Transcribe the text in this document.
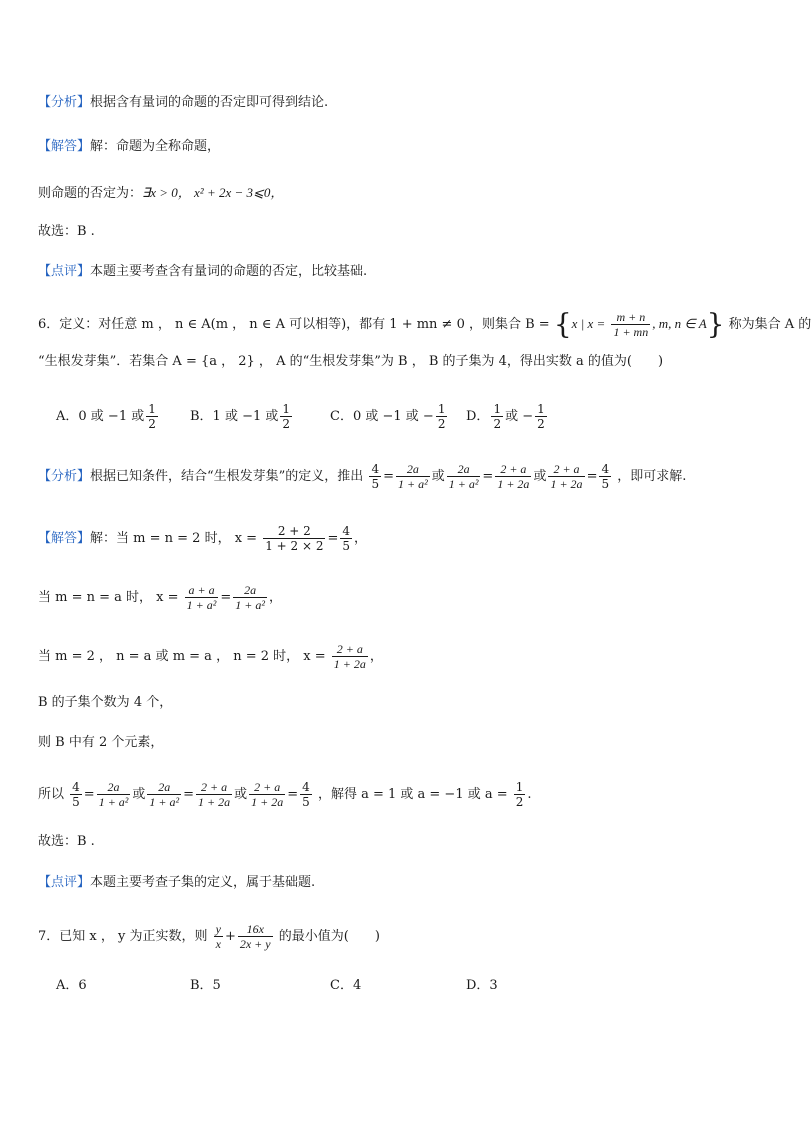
【分析】根据含有量词的命题的否定即可得到结论.
【解答】解：命题为全称命题，
则命题的否定为：∃x > 0， x² + 2x − 3⩽0，
故选：B .
【点评】本题主要考查含有量词的命题的否定，比较基础.
6．定义：对任意 m ， n ∈ A(m ， n ∈ A 可以相等)，都有 1 + mn ≠ 0 ，则集合 B = {x | $x = \frac{m + n}{1 + mn}$ , m, n ∈ A} 称为集合 A 的
“生根发芽集”．若集合 A = {a ， 2} ， A 的“生根发芽集”为 B ， B 的子集为 4，得出实数 a 的值为(　　)
A．0 或 −1 或 $\frac{1}{2}$ B．1 或 −1 或 $\frac{1}{2}$	C．0 或 −1 或 − $\frac{1}{2}$ D． $\frac{1}{2}$ 或 − $\frac{1}{2}$
【分析】根据已知条件，结合“生根发芽集”的定义，推出 $\frac{4}{5} = \frac{2a}{\text{1 + a²}}$ 或 $\frac{2a}{\text{1 + a²}} = \frac{2 + a}{1 + 2a}$ 或 $\frac{2 + a}{1 + 2a} = \frac{4}{5}$ ，即可求解.
【解答】解：当 m = n = 2 时， $x = \frac{2 + 2}{1 + 2 \times 2} = \frac{4}{5}$ ，
当 m = n = a 时， $x = \frac{a + a}{\text{1 + a²}} = \frac{2a}{\text{1 + a²}}$ ，
当 m = 2 ， n = a 或 m = a ， n = 2 时， $x = \frac{2 + a}{1 + 2a}$ ，
B 的子集个数为 4 个，
则 B 中有 2 个元素，
所以 $\frac{4}{5} = \frac{2a}{\text{1 + a²}}$ 或 $\frac{2a}{\text{1 + a²}} = \frac{2 + a}{1 + 2a}$ 或 $\frac{2 + a}{1 + 2a} = \frac{4}{5}$ ，解得 a = 1 或 a = −1 或 $a = \frac{1}{2}$ .
故选：B .
【点评】本题主要考查子集的定义，属于基础题.
7．已知 x ， y 为正实数，则 $\frac{y}{x} + \frac{16x}{2x + y}$ 的最小值为(　　)
A．6	B．5	C．4	D．3
